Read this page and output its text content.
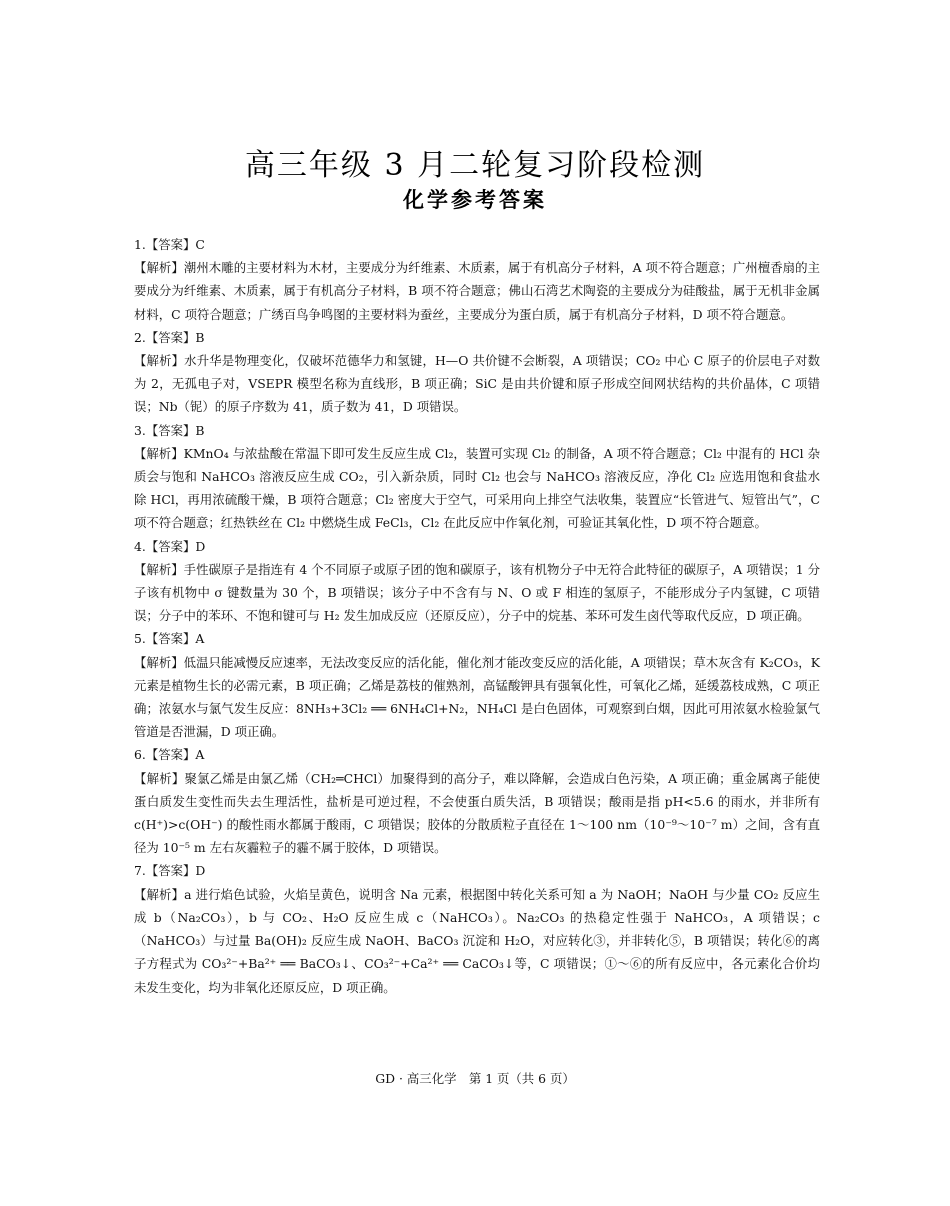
高三年级 3 月二轮复习阶段检测
化学参考答案

1.【答案】C

【解析】潮州木雕的主要材料为木材，主要成分为纤维素、木质素，属于有机高分子材料，A 项不符合题意；广州檀香扇的主要成分为纤维素、木质素，属于有机高分子材料，B 项不符合题意；佛山石湾艺术陶瓷的主要成分为硅酸盐，属于无机非金属材料，C 项符合题意；广绣百鸟争鸣图的主要材料为蚕丝，主要成分为蛋白质，属于有机高分子材料，D 项不符合题意。

2.【答案】B

【解析】水升华是物理变化，仅破坏范德华力和氢键，H—O 共价键不会断裂，A 项错误；CO₂ 中心 C 原子的价层电子对数为 2，无孤电子对，VSEPR 模型名称为直线形，B 项正确；SiC 是由共价键和原子形成空间网状结构的共价晶体，C 项错误；Nb（铌）的原子序数为 41，质子数为 41，D 项错误。

3.【答案】B

【解析】KMnO₄ 与浓盐酸在常温下即可发生反应生成 Cl₂，装置可实现 Cl₂ 的制备，A 项不符合题意；Cl₂ 中混有的 HCl 杂质会与饱和 NaHCO₃ 溶液反应生成 CO₂，引入新杂质，同时 Cl₂ 也会与 NaHCO₃ 溶液反应，净化 Cl₂ 应选用饱和食盐水除 HCl，再用浓硫酸干燥，B 项符合题意；Cl₂ 密度大于空气，可采用向上排空气法收集，装置应“长管进气、短管出气”，C 项不符合题意；红热铁丝在 Cl₂ 中燃烧生成 FeCl₃，Cl₂ 在此反应中作氧化剂，可验证其氧化性，D 项不符合题意。

4.【答案】D

【解析】手性碳原子是指连有 4 个不同原子或原子团的饱和碳原子，该有机物分子中无符合此特征的碳原子，A 项错误；1 分子该有机物中 σ 键数量为 30 个，B 项错误；该分子中不含有与 N、O 或 F 相连的氢原子，不能形成分子内氢键，C 项错误；分子中的苯环、不饱和键可与 H₂ 发生加成反应（还原反应），分子中的烷基、苯环可发生卤代等取代反应，D 项正确。

5.【答案】A

【解析】低温只能减慢反应速率，无法改变反应的活化能，催化剂才能改变反应的活化能，A 项错误；草木灰含有 K₂CO₃，K 元素是植物生长的必需元素，B 项正确；乙烯是荔枝的催熟剂，高锰酸钾具有强氧化性，可氧化乙烯，延缓荔枝成熟，C 项正确；浓氨水与氯气发生反应：8NH₃+3Cl₂ ══ 6NH₄Cl+N₂，NH₄Cl 是白色固体，可观察到白烟，因此可用浓氨水检验氯气管道是否泄漏，D 项正确。

6.【答案】A

【解析】聚氯乙烯是由氯乙烯（CH₂═CHCl）加聚得到的高分子，难以降解，会造成白色污染，A 项正确；重金属离子能使蛋白质发生变性而失去生理活性，盐析是可逆过程，不会使蛋白质失活，B 项错误；酸雨是指 pH<5.6 的雨水，并非所有 c(H⁺)>c(OH⁻) 的酸性雨水都属于酸雨，C 项错误；胶体的分散质粒子直径在 1～100 nm（10⁻⁹～10⁻⁷ m）之间，含有直径为 10⁻⁵ m 左右灰霾粒子的霾不属于胶体，D 项错误。

7.【答案】D

【解析】a 进行焰色试验，火焰呈黄色，说明含 Na 元素，根据图中转化关系可知 a 为 NaOH；NaOH 与少量 CO₂ 反应生成 b（Na₂CO₃），b 与 CO₂、H₂O 反应生成 c（NaHCO₃）。Na₂CO₃ 的热稳定性强于 NaHCO₃，A 项错误；c（NaHCO₃）与过量 Ba(OH)₂ 反应生成 NaOH、BaCO₃ 沉淀和 H₂O，对应转化③，并非转化⑤，B 项错误；转化⑥的离子方程式为 CO₃²⁻+Ba²⁺ ══ BaCO₃↓、CO₃²⁻+Ca²⁺ ══ CaCO₃↓等，C 项错误；①～⑥的所有反应中，各元素化合价均未发生变化，均为非氧化还原反应，D 项正确。

GD · 高三化学　第 1 页（共 6 页）
